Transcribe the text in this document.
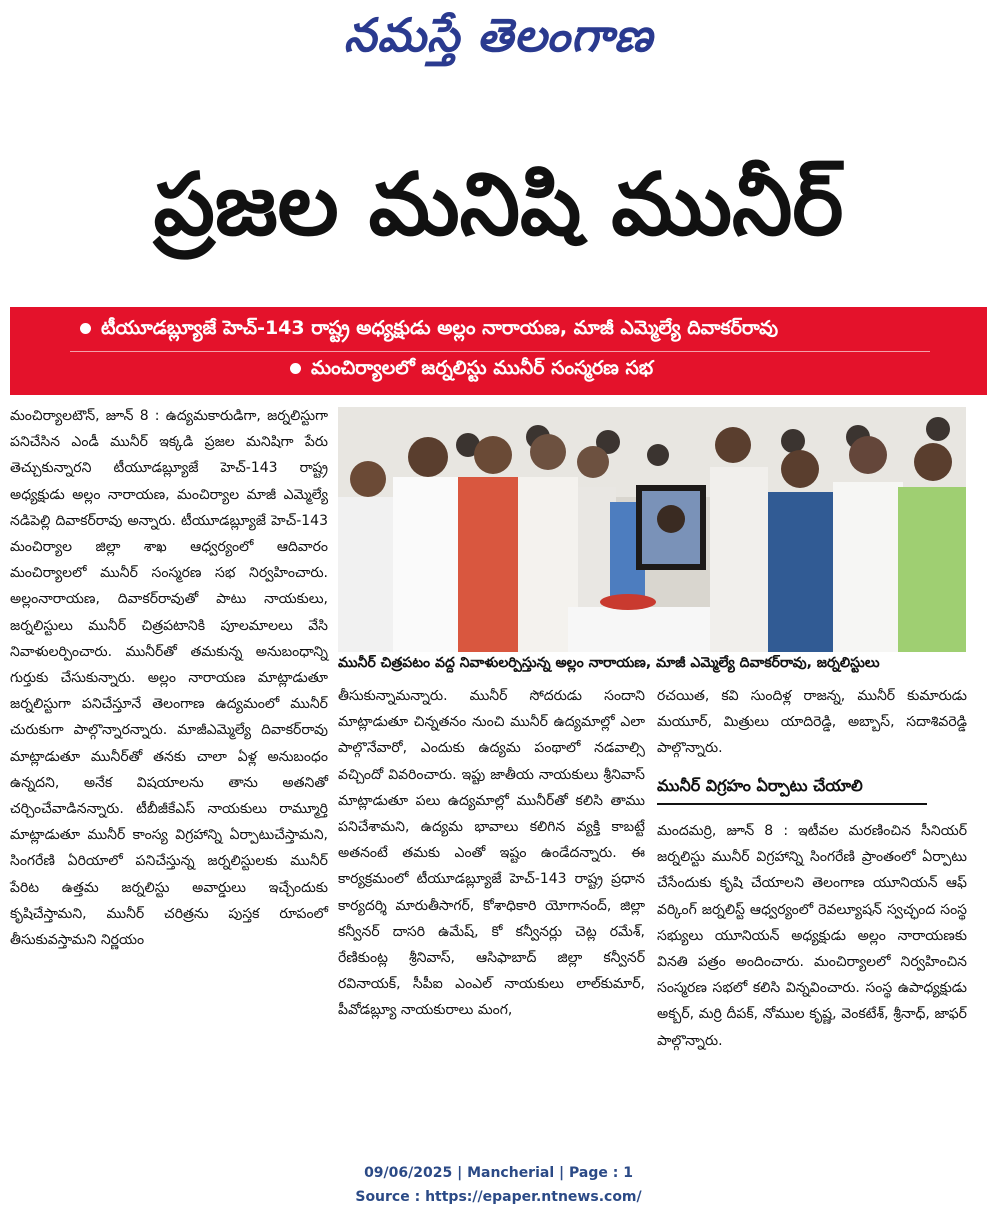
నమస్తే తెలంగాణ
ప్రజల మనిషి మునీర్
టీయూడబ్ల్యూజే హెచ్-143 రాష్ట్ర అధ్యక్షుడు అల్లం నారాయణ, మాజీ ఎమ్మెల్యే దివాకర్‌రావు
మంచిర్యాలలో జర్నలిస్టు మునీర్ సంస్మరణ సభ
మునీర్ చిత్రపటం వద్ద నివాళులర్పిస్తున్న అల్లం నారాయణ, మాజీ ఎమ్మెల్యే దివాకర్‌రావు, జర్నలిస్టులు

మంచిర్యాలటౌన్, జూన్ 8 : ఉద్యమకారుడిగా, జర్నలిస్టుగా పనిచేసిన ఎండీ మునీర్ ఇక్కడి ప్రజల మనిషిగా పేరు తెచ్చుకున్నారని టీయూడబ్ల్యూజే హెచ్-143 రాష్ట్ర అధ్యక్షుడు అల్లం నారాయణ, మంచిర్యాల మాజీ ఎమ్మెల్యే నడిపెల్లి దివాకర్‌రావు అన్నారు. టీయూడబ్ల్యూజే హెచ్-143 మంచిర్యాల జిల్లా శాఖ ఆధ్వర్యంలో ఆదివారం మంచిర్యాలలో మునీర్ సంస్మరణ సభ నిర్వహించారు. అల్లంనారాయణ, దివాకర్‌రావుతో పాటు నాయకులు, జర్నలిస్టులు మునీర్ చిత్రపటానికి పూలమాలలు వేసి నివాళులర్పించారు. మునీర్‌తో తమకున్న అనుబంధాన్ని గుర్తుకు చేసుకున్నారు. అల్లం నారాయణ మాట్లాడుతూ జర్నలిస్టుగా పనిచేస్తూనే తెలంగాణ ఉద్యమంలో మునీర్ చురుకుగా పాల్గొన్నారన్నారు. మాజీఎమ్మెల్యే దివాకర్‌రావు మాట్లాడుతూ మునీర్‌తో తనకు చాలా ఏళ్ల అనుబంధం ఉన్నదని, అనేక విషయాలను తాను అతనితో చర్చించేవాడినన్నారు. టీబీజీకేఎస్ నాయకులు రామ్మూర్తి మాట్లాడుతూ మునీర్ కాంస్య విగ్రహాన్ని ఏర్పాటుచేస్తామని, సింగరేణి ఏరియాలో పనిచేస్తున్న జర్నలిస్టులకు మునీర్ పేరిట ఉత్తమ జర్నలిస్టు అవార్డులు ఇచ్చేందుకు కృషిచేస్తామని, మునీర్ చరిత్రను పుస్తక రూపంలో తీసుకువస్తామని నిర్ణయం

తీసుకున్నామన్నారు. మునీర్ సోదరుడు సందాని మాట్లాడుతూ చిన్నతనం నుంచి మునీర్ ఉద్యమాల్లో ఎలా పాల్గొనేవారో, ఎందుకు ఉద్యమ పంథాలో నడవాల్సి వచ్చిందో వివరించారు. ఇప్టు జాతీయ నాయకులు శ్రీనివాస్ మాట్లాడుతూ పలు ఉద్యమాల్లో మునీర్‌తో కలిసి తాము పనిచేశామని, ఉద్యమ భావాలు కలిగిన వ్యక్తి కాబట్టే అతనంటే తమకు ఎంతో ఇష్టం ఉండేదన్నారు. ఈ కార్యక్రమంలో టీయూడబ్ల్యూజే హెచ్-143 రాష్ట్ర ప్రధాన కార్యదర్శి మారుతీసాగర్, కోశాధికారి యోగానంద్, జిల్లా కన్వీనర్ దాసరి ఉమేష్, కో కన్వీనర్లు చెట్ల రమేశ్, రేణికుంట్ల శ్రీనివాస్, ఆసిఫాబాద్ జిల్లా కన్వీనర్ రవినాయక్, సీపీఐ ఎంఎల్ నాయకులు లాల్‌కుమార్, పీవోడబ్ల్యూ నాయకురాలు మంగ,

రచయిత, కవి సుందిళ్ల రాజన్న, మునీర్ కుమారుడు మయూర్, మిత్రులు యాదిరెడ్డి, అబ్బాస్, సదాశివరెడ్డి పాల్గొన్నారు.

మునీర్ విగ్రహం ఏర్పాటు చేయాలి

మందమర్రి, జూన్ 8 : ఇటీవల మరణించిన సీనియర్ జర్నలిస్టు మునీర్ విగ్రహాన్ని సింగరేణి ప్రాంతంలో ఏర్పాటు చేసేందుకు కృషి చేయాలని తెలంగాణ యూనియన్ ఆఫ్ వర్కింగ్ జర్నలిస్ట్ ఆధ్వర్యంలో రెవల్యూషన్ స్వచ్ఛంద సంస్థ సభ్యులు యూనియన్ అధ్యక్షుడు అల్లం నారాయణకు వినతి పత్రం అందించారు. మంచిర్యాలలో నిర్వహించిన సంస్మరణ సభలో కలిసి విన్నవించారు. సంస్థ ఉపాధ్యక్షుడు అక్బర్, మర్రి దీపక్, నోముల కృష్ణ, వెంకటేశ్, శ్రీనాధ్, జాఫర్ పాల్గొన్నారు.

09/06/2025 | Mancherial | Page : 1
Source : https://epaper.ntnews.com/
